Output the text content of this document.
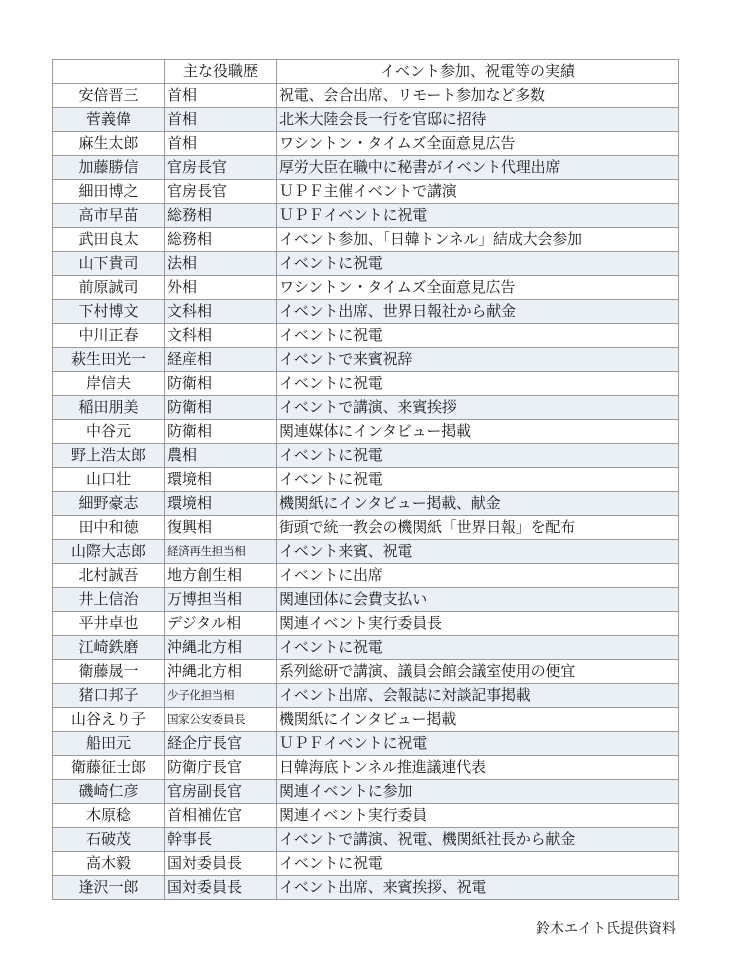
	主な役職歴	イベント参加、祝電等の実績
安倍晋三	首相	祝電、会合出席、リモート参加など多数
菅義偉	首相	北米大陸会長一行を官邸に招待
麻生太郎	首相	ワシントン・タイムズ全面意見広告
加藤勝信	官房長官	厚労大臣在職中に秘書がイベント代理出席
細田博之	官房長官	ＵＰＦ主催イベントで講演
高市早苗	総務相	ＵＰＦイベントに祝電
武田良太	総務相	イベント参加、「日韓トンネル」結成大会参加
山下貴司	法相	イベントに祝電
前原誠司	外相	ワシントン・タイムズ全面意見広告
下村博文	文科相	イベント出席、世界日報社から献金
中川正春	文科相	イベントに祝電
萩生田光一	経産相	イベントで来賓祝辞
岸信夫	防衛相	イベントに祝電
稲田朋美	防衛相	イベントで講演、来賓挨拶
中谷元	防衛相	関連媒体にインタビュー掲載
野上浩太郎	農相	イベントに祝電
山口壮	環境相	イベントに祝電
細野豪志	環境相	機関紙にインタビュー掲載、献金
田中和徳	復興相	街頭で統一教会の機関紙「世界日報」を配布
山際大志郎	経済再生担当相	イベント来賓、祝電
北村誠吾	地方創生相	イベントに出席
井上信治	万博担当相	関連団体に会費支払い
平井卓也	デジタル相	関連イベント実行委員長
江崎鉄磨	沖縄北方相	イベントに祝電
衛藤晟一	沖縄北方相	系列総研で講演、議員会館会議室使用の便宜
猪口邦子	少子化担当相	イベント出席、会報誌に対談記事掲載
山谷えり子	国家公安委員長	機関紙にインタビュー掲載
船田元	経企庁長官	ＵＰＦイベントに祝電
衛藤征士郎	防衛庁長官	日韓海底トンネル推進議連代表
磯崎仁彦	官房副長官	関連イベントに参加
木原稔	首相補佐官	関連イベント実行委員
石破茂	幹事長	イベントで講演、祝電、機関紙社長から献金
高木毅	国対委員長	イベントに祝電
逢沢一郎	国対委員長	イベント出席、来賓挨拶、祝電
鈴木エイト氏提供資料
